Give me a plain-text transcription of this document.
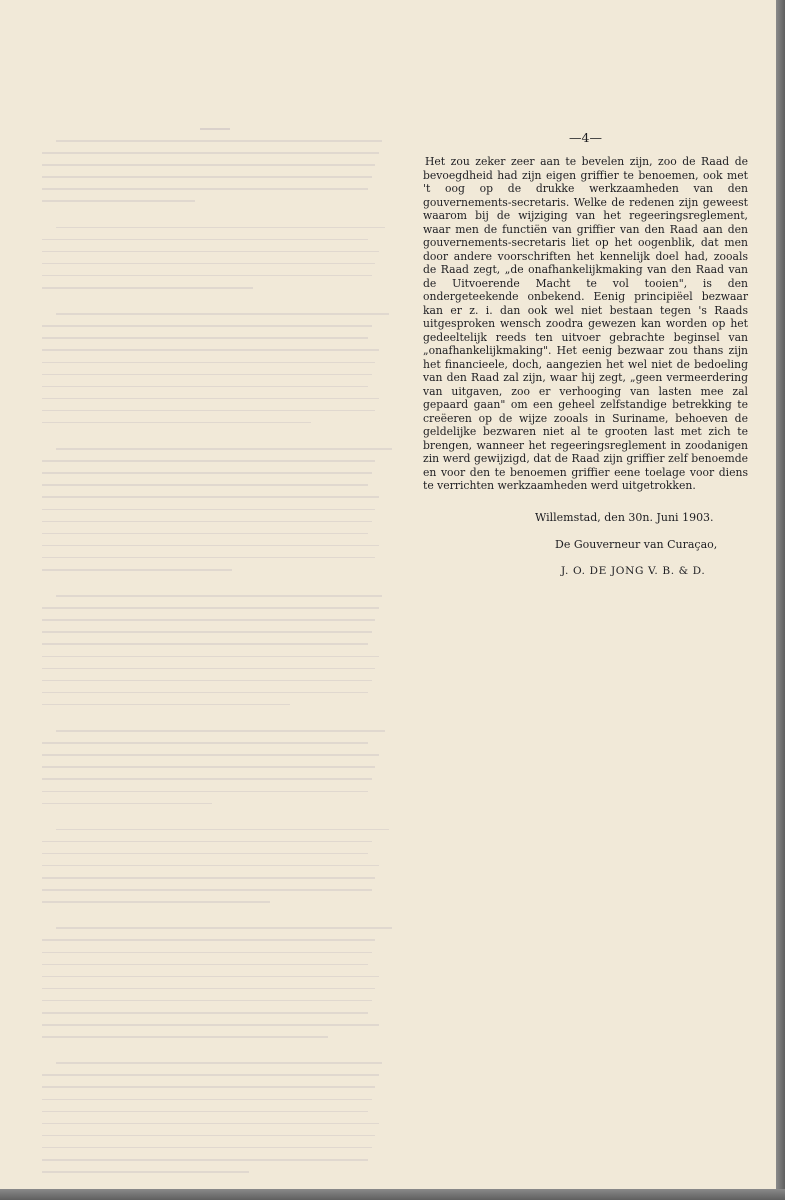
—4—

Het zou zeker zeer aan te bevelen zijn, zoo de Raad de bevoegdheid had zijn eigen griffier te benoemen, ook met 't oog op de drukke werkzaamheden van den gouvernements-secretaris. Welke de redenen zijn geweest waarom bij de wijziging van het regeeringsreglement, waar men de functiën van griffier van den Raad aan den gouvernements-secretaris liet op het oogenblik, dat men door andere voorschriften het kennelijk doel had, zooals de Raad zegt, „de onafhankelijkmaking van den Raad van de Uitvoerende Macht te vol tooien", is den ondergeteekende onbekend. Eenig principiëel bezwaar kan er z. i. dan ook wel niet bestaan tegen 's Raads uitgesproken wensch zoodra gewezen kan worden op het gedeeltelijk reeds ten uitvoer gebrachte beginsel van „onafhankelijkmaking". Het eenig bezwaar zou thans zijn het financieele, doch, aangezien het wel niet de bedoeling van den Raad zal zijn, waar hij zegt, „geen vermeerdering van uitgaven, zoo er verhooging van lasten mee zal gepaard gaan" om een geheel zelfstandige betrekking te creëeren op de wijze zooals in Suriname, behoeven de geldelijke bezwaren niet al te grooten last met zich te brengen, wanneer het regeeringsreglement in zoodanigen zin werd gewijzigd, dat de Raad zijn griffier zelf benoemde en voor den te benoemen griffier eene toelage voor diens te verrichten werkzaamheden werd uitgetrokken.

Willemstad, den 30n. Juni 1903.

De Gouverneur van Curaçao,

J. O. DE JONG V. B. & D.
